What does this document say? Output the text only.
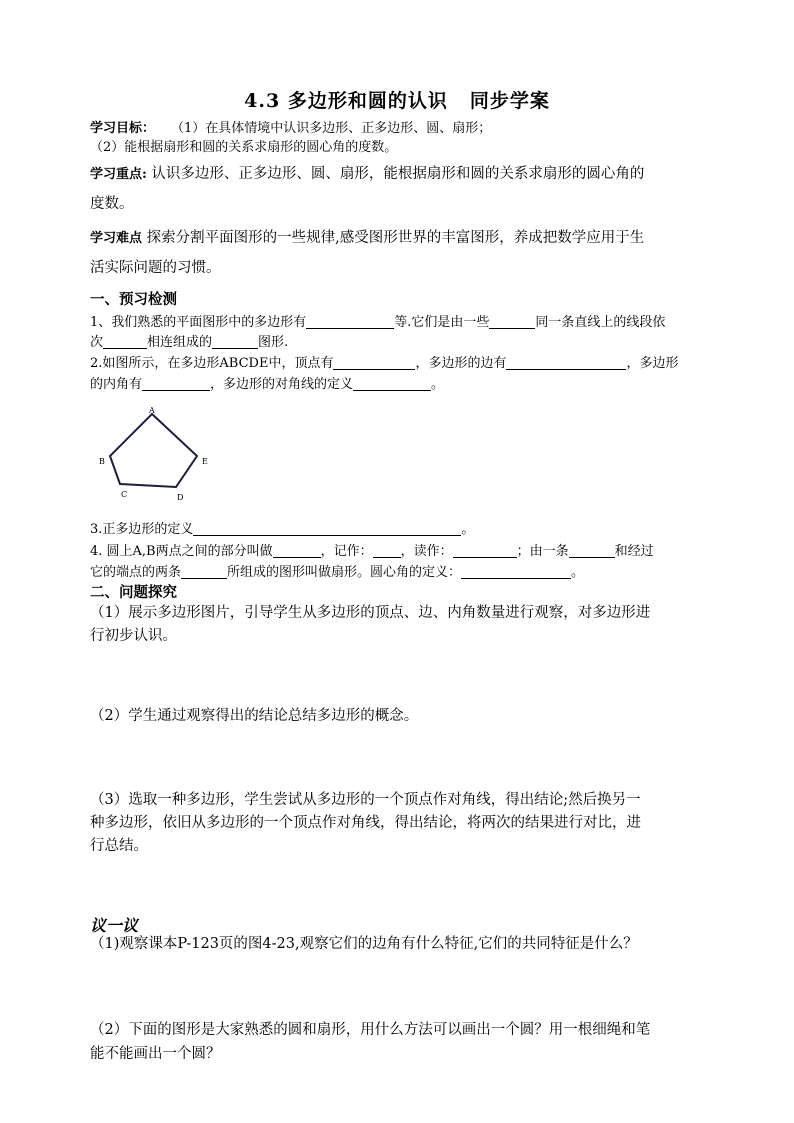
4.3 多边形和圆的认识 同步学案
学习目标： （1）在具体情境中认识多边形、正多边形、圆、扇形；
（2）能根据扇形和圆的关系求扇形的圆心角的度数。
学习重点: 认识多边形、正多边形、圆、扇形，能根据扇形和圆的关系求扇形的圆心角的
度数。
学习难点 探索分割平面图形的一些规律,感受图形世界的丰富图形，养成把数学应用于生
活实际问题的习惯。
一、预习检测
1、我们熟悉的平面图形中的多边形有	等.它们是由一些	同一条直线上的线段依
次	相连组成的	图形.
2.如图所示，在多边形ABCDE中，顶点有	，多边形的边有	，多边形
的内角有	，多边形的对角线的定义	。
A
B
C	D
E
3.正多边形的定义	。
4. 圆上A,B两点之间的部分叫做	，记作： ，读作：	；由一条	和经过
它的端点的两条	所组成的图形叫做扇形。圆心角的定义：	。
二、问题探究
（1）展示多边形图片，引导学生从多边形的顶点、边、内角数量进行观察，对多边形进
行初步认识。
（2）学生通过观察得出的结论总结多边形的概念。
（3）选取一种多边形，学生尝试从多边形的一个顶点作对角线，得出结论;然后换另一
种多边形，依旧从多边形的一个顶点作对角线，得出结论，将两次的结果进行对比，进
行总结。
议一议
（1)观察课本P-123页的图4-23,观察它们的边角有什么特征,它们的共同特征是什么？
（2）下面的图形是大家熟悉的圆和扇形，用什么方法可以画出一个圆？用一根细绳和笔
能不能画出一个圆？
